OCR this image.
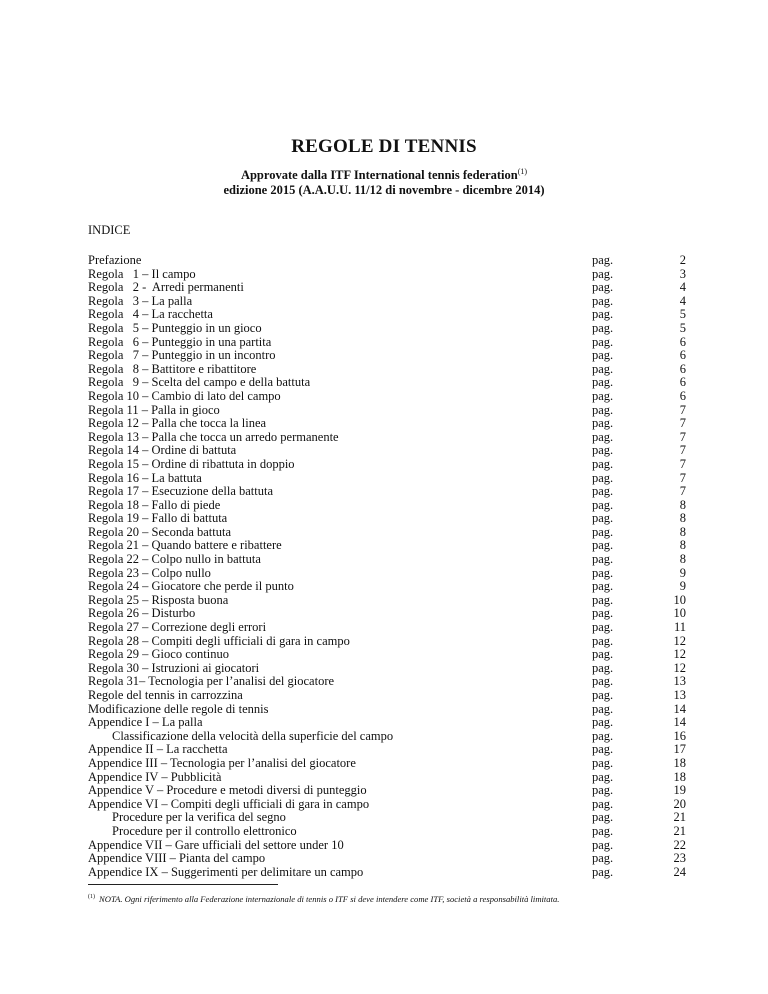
REGOLE DI TENNIS
Approvate dalla ITF International tennis federation$^{(1)}$
edizione 2015 (A.A.U.U. 11/12 di novembre - dicembre 2014)
INDICE
Prefazione	pag.	2
Regola   1 – Il campo	pag.	3
Regola   2 -  Arredi permanenti	pag.	4
Regola   3 – La palla	pag.	4
Regola   4 – La racchetta	pag.	5
Regola   5 – Punteggio in un gioco	pag.	5
Regola   6 – Punteggio in una partita	pag.	6
Regola   7 – Punteggio in un incontro	pag.	6
Regola   8 – Battitore e ribattitore	pag.	6
Regola   9 – Scelta del campo e della battuta	pag.	6
Regola 10 – Cambio di lato del campo	pag.	6
Regola 11 – Palla in gioco	pag.	7
Regola 12 – Palla che tocca la linea	pag.	7
Regola 13 – Palla che tocca un arredo permanente	pag.	7
Regola 14 – Ordine di battuta	pag.	7
Regola 15 – Ordine di ribattuta in doppio	pag.	7
Regola 16 – La battuta	pag.	7
Regola 17 – Esecuzione della battuta	pag.	7
Regola 18 – Fallo di piede	pag.	8
Regola 19 – Fallo di battuta	pag.	8
Regola 20 – Seconda battuta	pag.	8
Regola 21 – Quando battere e ribattere	pag.	8
Regola 22 – Colpo nullo in battuta	pag.	8
Regola 23 – Colpo nullo	pag.	9
Regola 24 – Giocatore che perde il punto	pag.	9
Regola 25 – Risposta buona	pag.	10
Regola 26 – Disturbo	pag.	10
Regola 27 – Correzione degli errori	pag.	11
Regola 28 – Compiti degli ufficiali di gara in campo	pag.	12
Regola 29 – Gioco continuo	pag.	12
Regola 30 – Istruzioni ai giocatori	pag.	12
Regola 31– Tecnologia per l’analisi del giocatore	pag.	13
Regole del tennis in carrozzina	pag.	13
Modificazione delle regole di tennis	pag.	14
Appendice I – La palla	pag.	14
Classificazione della velocità della superficie del campo	pag.	16
Appendice II – La racchetta	pag.	17
Appendice III – Tecnologia per l’analisi del giocatore	pag.	18
Appendice IV – Pubblicità	pag.	18
Appendice V – Procedure e metodi diversi di punteggio	pag.	19
Appendice VI – Compiti degli ufficiali di gara in campo	pag.	20
Procedure per la verifica del segno	pag.	21
Procedure per il controllo elettronico	pag.	21
Appendice VII – Gare ufficiali del settore under 10	pag.	22
Appendice VIII – Pianta del campo	pag.	23
Appendice IX – Suggerimenti per delimitare un campo	pag.	24
$^{(1)}$ NOTA. Ogni riferimento alla Federazione internazionale di tennis o ITF si deve intendere come ITF, società a responsabilità limitata.
